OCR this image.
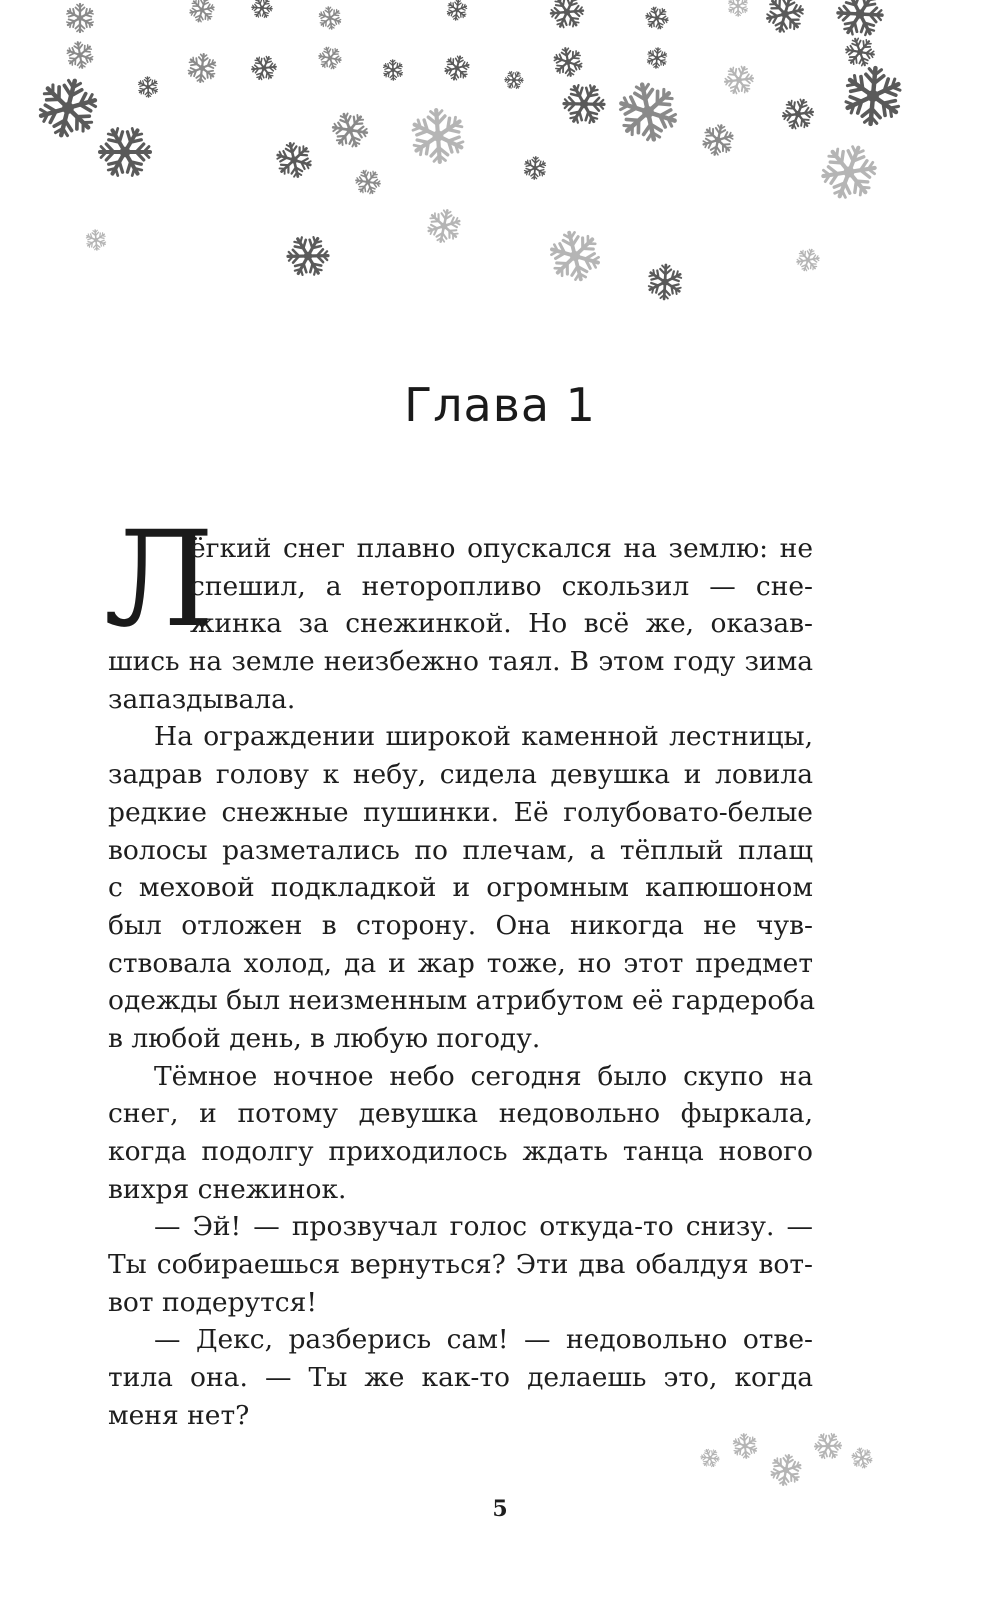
Глава 1
Л
ёгкий снег плавно опускался на землю: не
спешил, а неторопливо скользил — сне-
жинка за снежинкой. Но всё же, оказав-
шись на земле неизбежно таял. В этом году зима
запаздывала.
На ограждении широкой каменной лестницы,
задрав голову к небу, сидела девушка и ловила
редкие снежные пушинки. Её голубовато-белые
волосы разметались по плечам, а тёплый плащ
с меховой подкладкой и огромным капюшоном
был отложен в сторону. Она никогда не чув-
ствовала холод, да и жар тоже, но этот предмет
одежды был неизменным атрибутом её гардероба
в любой день, в любую погоду.
Тёмное ночное небо сегодня было скупо на
снег, и потому девушка недовольно фыркала,
когда подолгу приходилось ждать танца нового
вихря снежинок.
— Эй! — прозвучал голос откуда-то снизу. —
Ты собираешься вернуться? Эти два обалдуя вот-
вот подерутся!
— Декс, разберись сам! — недовольно отве-
тила она. — Ты же как-то делаешь это, когда
меня нет?
5
